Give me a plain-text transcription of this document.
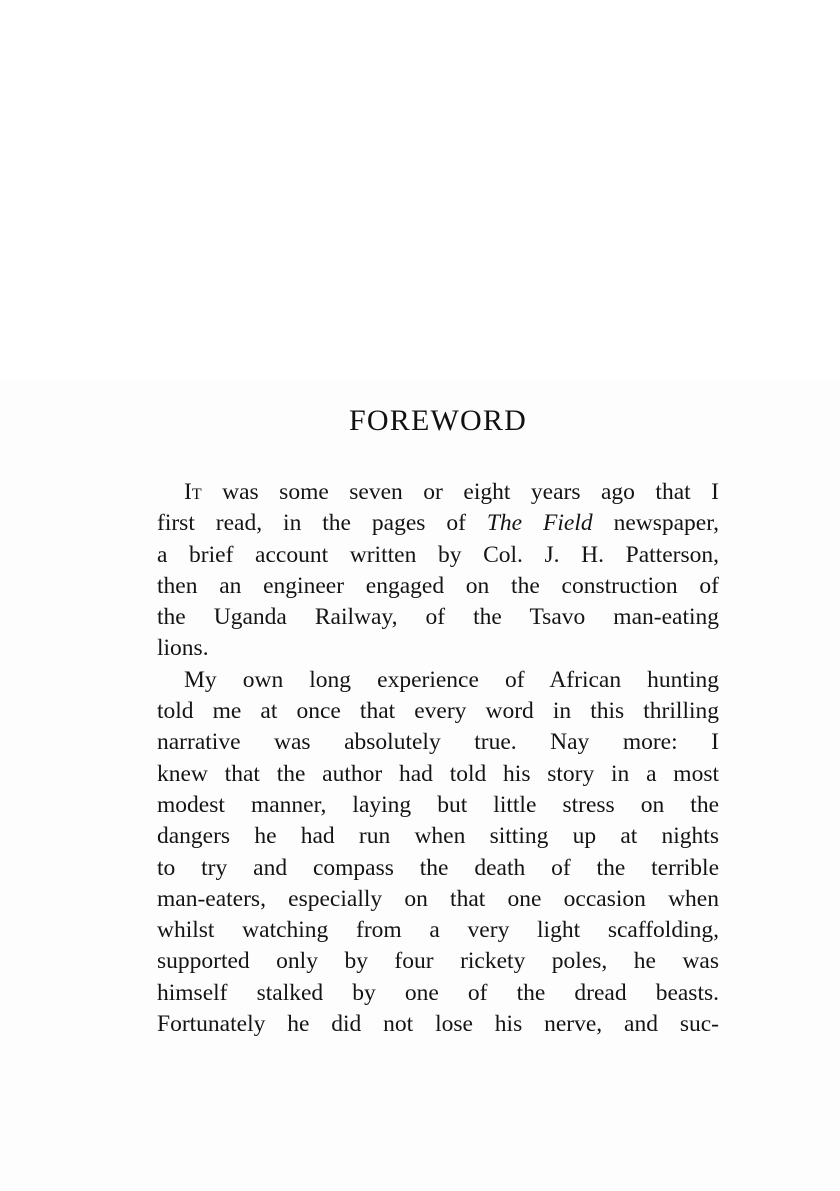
FOREWORD
It was some seven or eight years ago that I
first read, in the pages of The Field newspaper,
a brief account written by Col. J. H. Patterson,
then an engineer engaged on the construction of
the Uganda Railway, of the Tsavo man-eating
lions.
My own long experience of African hunting
told me at once that every word in this thrilling
narrative was absolutely true. Nay more: I
knew that the author had told his story in a most
modest manner, laying but little stress on the
dangers he had run when sitting up at nights
to try and compass the death of the terrible
man-eaters, especially on that one occasion when
whilst watching from a very light scaffolding,
supported only by four rickety poles, he was
himself stalked by one of the dread beasts.
Fortunately he did not lose his nerve, and suc-
